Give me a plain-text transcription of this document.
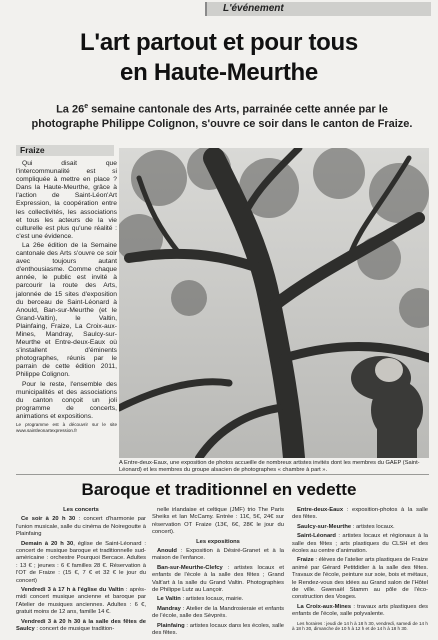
L'événement
L'art partout et pour tous
en Haute-Meurthe
La 26e semaine cantonale des Arts, parrainée cette année par le photographe Philippe Colignon, s'ouvre ce soir dans le canton de Fraize.
Fraize

Qui disait que l'intercommunalité est si compliquée à mettre en place ? Dans la Haute-Meurthe, grâce à l'action de Saint-Léon'Art Expression, la coopération entre les collectivités, les associations et tous les acteurs de la vie culturelle est plus qu'une réalité : c'est une évidence.

La 26e édition de la Semaine cantonale des Arts s'ouvre ce soir avec toujours autant d'enthousiasme. Comme chaque année, le public est invité à parcourir la route des Arts, jalonnée de 15 sites d'exposition du berceau de Saint-Léonard à Anould, Ban-sur-Meurthe (et le Grand-Valtin), le Valtin, Plainfaing, Fraize, La Croix-aux-Mines, Mandray, Saulcy-sur-Meurthe et Entre-deux-Eaux où s'installent d'éminents photographes, réunis par le parrain de cette édition 2011, Philippe Colignon.

Pour le reste, l'ensemble des municipalités et des associations du canton conçoit un joli programme de concerts, animations et expositions.

Le programme est à découvrir sur le site www.saintleonartexpression.fr

A Entre-deux-Eaux, une exposition de photos accueille de nombreux artistes invités dont les membres du GAEP (Saint-Léonard) et les membres du groupe alsacien de photographes « chambre à part ».
Baroque et traditionnel en vedette
Les concerts

Ce soir à 20 h 30 : concert d'harmonie par l'union musicale, salle du cinéma de Noiregoutte à Plainfaing

Demain à 20 h 30, église de Saint-Léonard : concert de musique baroque et traditionnelle sud-américaine : orchestre Pourquoi Bercace. Adultes : 13 € ; jeunes : 6 € familles 28 €. Réservation à l'OT de Fraize : (15 €, 7 € et 32 € le jour du concert)

Vendredi 3 à 17 h à l'église du Valtin : après-midi concert musique ancienne et baroque par l'Atelier de musiques anciennes. Adultes : 6 €, gratuit moins de 12 ans, famille 14 €.

Vendredi 3 à 20 h 30 à la salle des fêtes de Saulcy : concert de musique tradition-

nelle irlandaise et celtique (JMF) trio The Paris Sheiks et Ian McCamy. Entrée : 11€, 5€, 24€ sur réservation OT Fraize (13€, 6€, 28€ le jour du concert).

Les expositions

Anould : Exposition à Désiré-Granet et à la maison de l'enfance.

Ban-sur-Meurthe-Clefcy : artistes locaux et enfants de l'école à la salle des fêtes ; Grand Valt'art à la salle du Grand Valtin. Photographies de Philippe Lutz au Lançoir.

Le Valtin : artistes locaux, mairie.

Mandray : Atelier de la Mandrosieraie et enfants de l'école, salle des Sèvprés.

Plainfaing : artistes locaux dans les écoles, salle des fêtes.

Entre-deux-Eaux : exposition-photos à la salle des fêtes.

Saulcy-sur-Meurthe : artistes locaux.

Saint-Léonard : artistes locaux et régionaux à la salle des fêtes ; arts plastiques du CLSH et des écoles au centre d'animation.

Fraize : élèves de l'atelier arts plastiques de Fraize animé par Gérard Petitdidier à la salle des fêtes. Travaux de l'école, peinture sur soie, bois et métaux, le Rendez-vous des idées au Grand salon de l'Hôtel de ville. Gwenaël Stamm au pôle de l'éco-construction des Vosges.

La Croix-aux-Mines : travaux arts plastiques des enfants de l'école, salle polyvalente.

Les horaires : jeudi de 14 h à 18 h 30, vendredi, samedi de 14 h à 18 h 30, dimanche de 10 h à 12 h et de 14 h à 18 h 30.
